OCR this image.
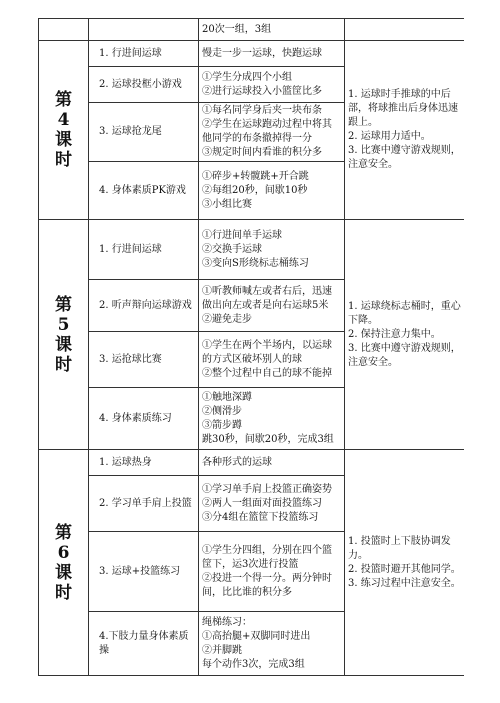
		20次一组，3组	

第
4
课
时	1. 行进间运球	慢走一步一运球，快跑运球	1. 运球时手推球的中后部，将球推出后身体迅速跟上。
2. 运球用力适中。
3. 比赛中遵守游戏规则，注意安全。

	2. 运球投框小游戏	①学生分成四个小组
②进行运球投入小篮筐比多	

	3. 运球抢龙尾	①每名同学身后夹一块布条
②学生在运球跑动过程中将其他同学的布条撤掉得一分
③规定时间内看谁的积分多	

	4. 身体素质PK游戏	①碎步+转髋跳+开合跳
②每组20秒，间歇10秒
③小组比赛	

第
5
课
时	1. 行进间运球	①行进间单手运球
②交换手运球
③变向S形绕标志桶练习	1. 运球绕标志桶时，重心下降。
2. 保持注意力集中。
3. 比赛中遵守游戏规则，注意安全。

	2. 听声辩向运球游戏	①听教师喊左或者右后，迅速做出向左或者是向右运球5米
②避免走步	

	3. 运抢球比赛	①学生在两个半场内，以运球的方式区破坏别人的球
②整个过程中自己的球不能掉	

	4. 身体素质练习	①触地深蹲
②侧滑步
③箭步蹲
跳30秒，间歇20秒，完成3组	

第
6
课
时	1. 运球热身	各种形式的运球	1. 投篮时上下肢协调发力。
2. 投篮时避开其他同学。
3. 练习过程中注意安全。

	2. 学习单手肩上投篮	①学习单手肩上投篮正确姿势
②两人一组面对面投篮练习
③分4组在篮筐下投篮练习	

	3. 运球+投篮练习	①学生分四组，分别在四个篮筐下，运3次进行投篮
②投进一个得一分。两分钟时间，比比谁的积分多	

	4.下肢力量身体素质操	绳梯练习：
①高抬腿+双脚同时进出
②并脚跳
每个动作3次，完成3组	
